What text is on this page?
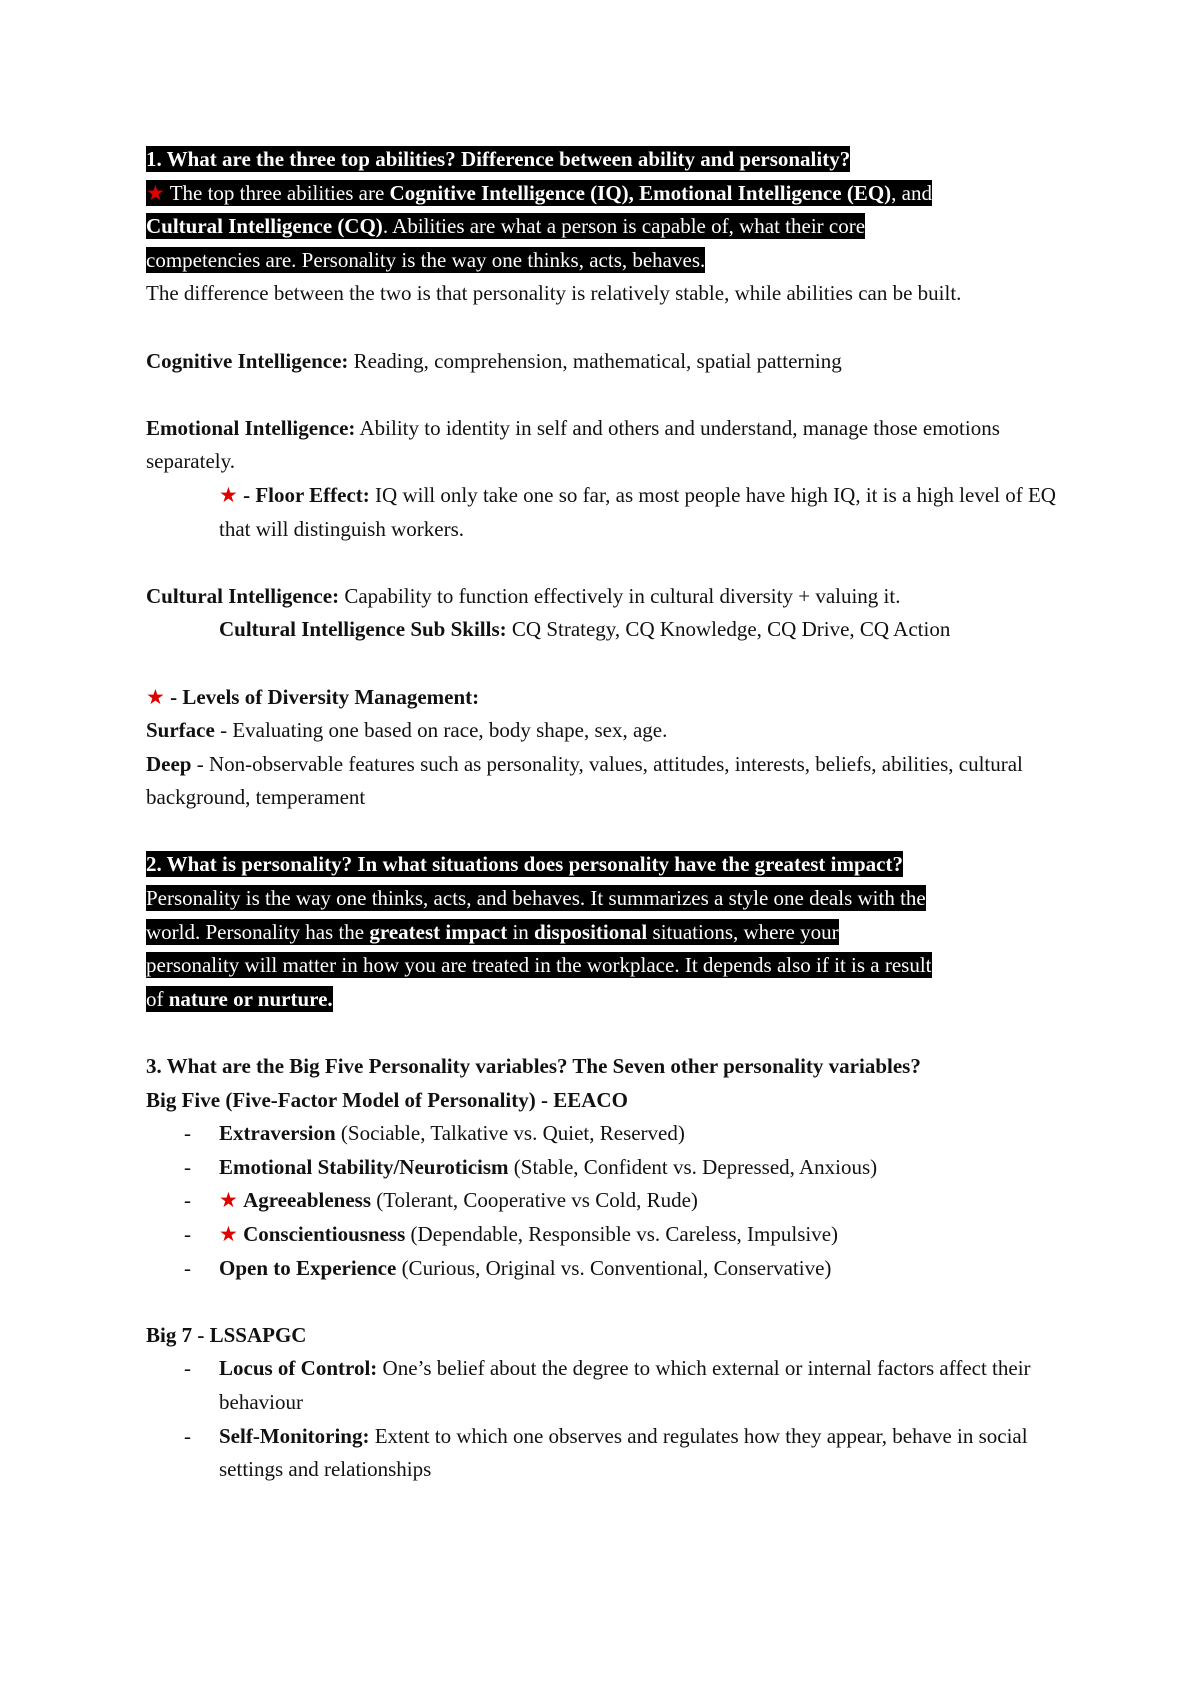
1. What are the three top abilities? Difference between ability and personality?

★ The top three abilities are Cognitive Intelligence (IQ), Emotional Intelligence (EQ), and

Cultural Intelligence (CQ). Abilities are what a person is capable of, what their core

competencies are. Personality is the way one thinks, acts, behaves.

The difference between the two is that personality is relatively stable, while abilities can be built.

Cognitive Intelligence: Reading, comprehension, mathematical, spatial patterning

Emotional Intelligence: Ability to identity in self and others and understand, manage those emotions separately.

★ - Floor Effect: IQ will only take one so far, as most people have high IQ, it is a high level of EQ that will distinguish workers.

Cultural Intelligence: Capability to function effectively in cultural diversity + valuing it.

Cultural Intelligence Sub Skills: CQ Strategy, CQ Knowledge, CQ Drive, CQ Action

★ - Levels of Diversity Management:

Surface - Evaluating one based on race, body shape, sex, age.

Deep - Non-observable features such as personality, values, attitudes, interests, beliefs, abilities, cultural background, temperament

2. What is personality? In what situations does personality have the greatest impact?

Personality is the way one thinks, acts, and behaves. It summarizes a style one deals with the

world. Personality has the greatest impact in dispositional situations, where your

personality will matter in how you are treated in the workplace. It depends also if it is a result

of nature or nurture.

3. What are the Big Five Personality variables? The Seven other personality variables?

Big Five (Five-Factor Model of Personality) - EEACO

- Extraversion (Sociable, Talkative vs. Quiet, Reserved)
- Emotional Stability/Neuroticism (Stable, Confident vs. Depressed, Anxious)
- ★ Agreeableness (Tolerant, Cooperative vs Cold, Rude)
- ★ Conscientiousness (Dependable, Responsible vs. Careless, Impulsive)
- Open to Experience (Curious, Original vs. Conventional, Conservative)

Big 7 - LSSAPGC

- Locus of Control: One’s belief about the degree to which external or internal factors affect their behaviour
- Self-Monitoring: Extent to which one observes and regulates how they appear, behave in social settings and relationships
